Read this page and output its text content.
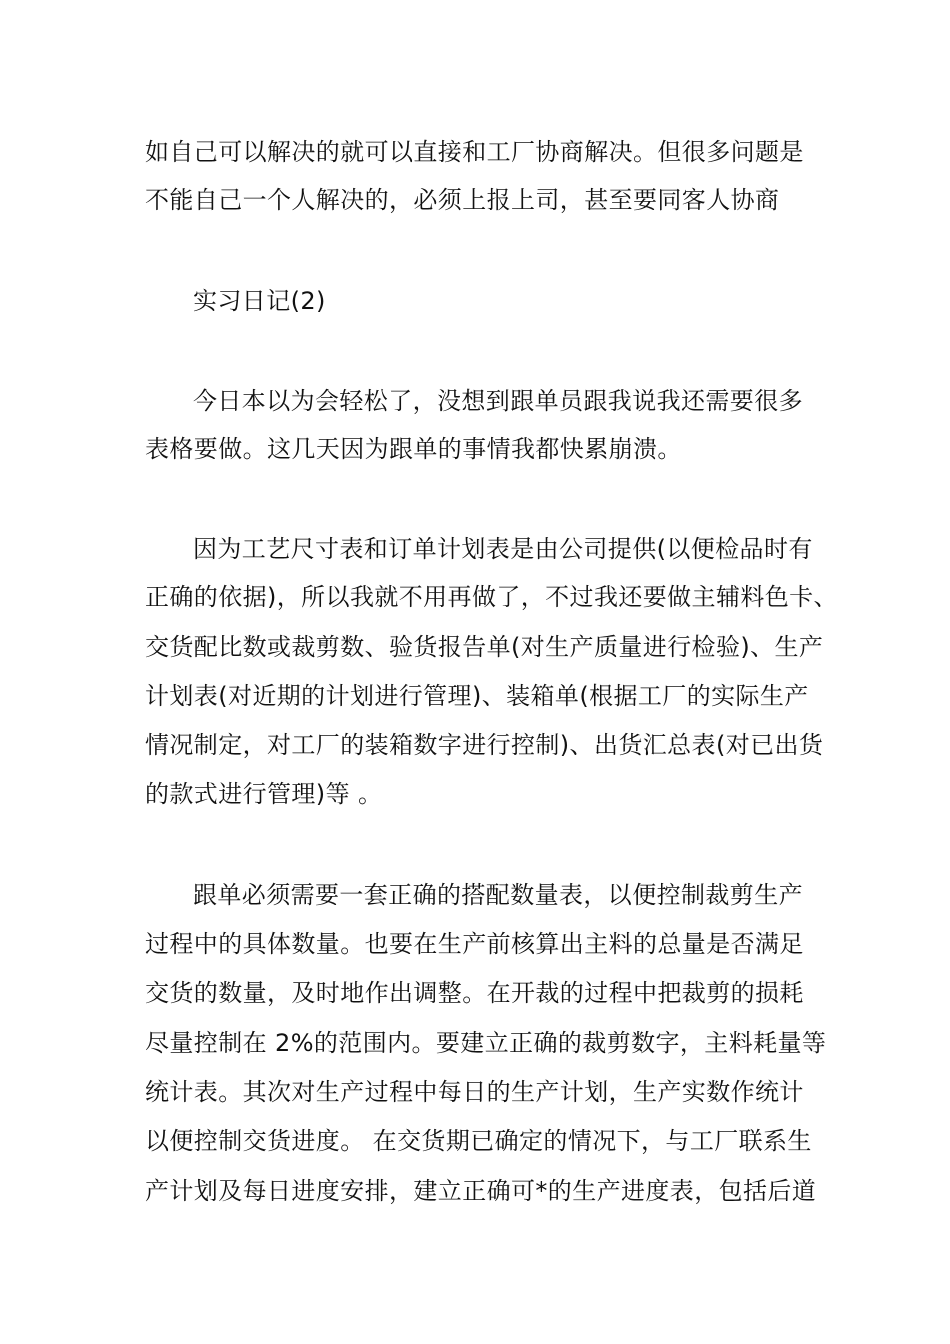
如自己可以解决的就可以直接和工厂协商解决。但很多问题是
不能自己一个人解决的，必须上报上司，甚至要同客人协商
实习日记(2)
今日本以为会轻松了，没想到跟单员跟我说我还需要很多
表格要做。这几天因为跟单的事情我都快累崩溃。
因为工艺尺寸表和订单计划表是由公司提供(以便检品时有
正确的依据)，所以我就不用再做了，不过我还要做主辅料色卡、
交货配比数或裁剪数、验货报告单(对生产质量进行检验)、生产
计划表(对近期的计划进行管理)、装箱单(根据工厂的实际生产
情况制定，对工厂的装箱数字进行控制)、出货汇总表(对已出货
的款式进行管理)等 。
跟单必须需要一套正确的搭配数量表，以便控制裁剪生产
过程中的具体数量。也要在生产前核算出主料的总量是否满足
交货的数量，及时地作出调整。在开裁的过程中把裁剪的损耗
尽量控制在 2%的范围内。要建立正确的裁剪数字，主料耗量等
统计表。其次对生产过程中每日的生产计划，生产实数作统计
以便控制交货进度。 在交货期已确定的情况下，与工厂联系生
产计划及每日进度安排，建立正确可*的生产进度表，包括后道
